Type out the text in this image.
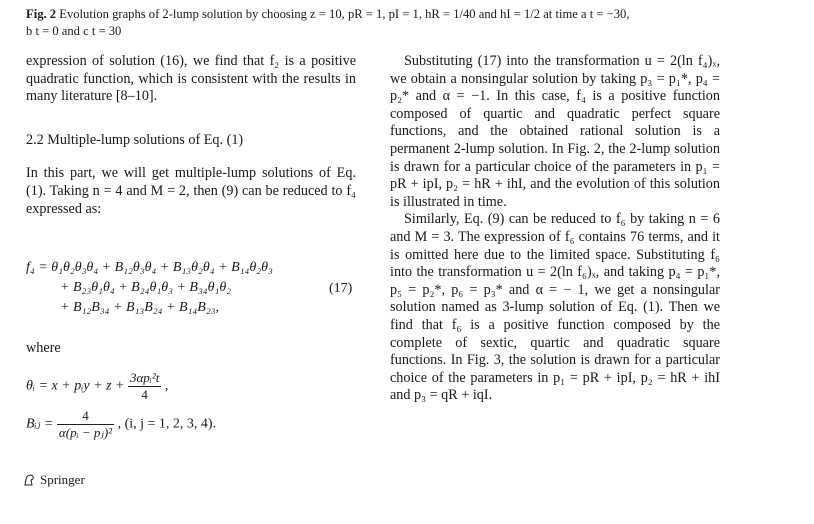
Fig. 2 Evolution graphs of 2-lump solution by choosing z = 10, pR = 1, pI = 1, hR = 1/40 and hI = 1/2 at time a t = −30,
b t = 0 and c t = 30

expression of solution (16), we find that f₂ is a positive quadratic function, which is consistent with the results in many literature [8–10].

2.2 Multiple-lump solutions of Eq. (1)

In this part, we will get multiple-lump solutions of Eq. (1). Taking n = 4 and M = 2, then (9) can be reduced to f₄ expressed as:

f₄ = θ₁θ₂θ₃θ₄ + B₁₂θ₃θ₄ + B₁₃θ₂θ₄ + B₁₄θ₂θ₃
+ B₂₃θ₁θ₄ + B₂₄θ₁θ₃ + B₃₄θ₁θ₂
+ B₁₂B₃₄ + B₁₃B₂₄ + B₁₄B₂₃,
(17)
where
θᵢ = x + pᵢy + $z + \frac{\text{3αpᵢ²t}}{4}$ ,
Bᵢⱼ = $\frac{4}{\text{α(pᵢ − pⱼ)²}}$ , (i, j = 1, 2, 3, 4).

Substituting (17) into the transformation u = 2(ln f₄)ₓ, we obtain a nonsingular solution by taking p₃ = p₁*, p₄ = p₂* and α = −1. In this case, f₄ is a positive function composed of quartic and quadratic perfect square functions, and the obtained rational solution is a permanent 2-lump solution. In Fig. 2, the 2-lump solution is drawn for a particular choice of the parameters in p₁ = pR + ipI, p₂ = hR + ihI, and the evolution of this solution is illustrated in time.

Similarly, Eq. (9) can be reduced to f₆ by taking n = 6 and M = 3. The expression of f₆ contains 76 terms, and it is omitted here due to the limited space. Substituting f₆ into the transformation u = 2(ln f₆)ₓ, and taking p₄ = p₁*, p₅ = p₂*, p₆ = p₃* and α = − 1, we get a nonsingular solution named as 3-lump solution of Eq. (1). Then we find that f₆ is a positive function composed by the complete of sextic, quartic and quadratic square functions. In Fig. 3, the solution is drawn for a particular choice of the parameters in p₁ = pR + ipI, p₂ = hR + ihI and p₃ = qR + iqI.

Springer
